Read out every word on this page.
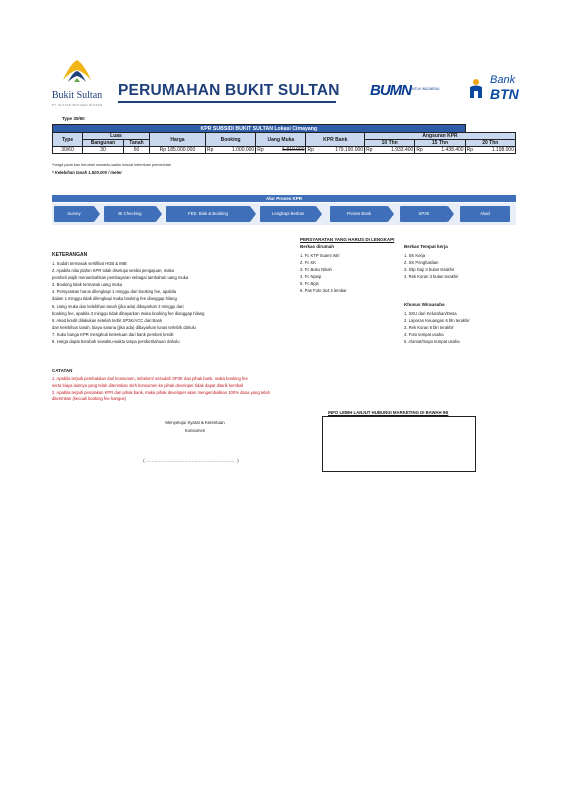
Bukit Sultan
PT. SULTAN MUTIARA SULTAN
PERUMAHAN BUKIT SULTAN BUMN UNTUK INDONESIA
Bank
BTN
Type 30/60
KPR SUBSIDI BUKIT SULTAN Lokasi Cimayang															
Type	Luas		Harga	Booking		Uang Muka		KPR Bank		Angsuran KPR					
	Bangunan	Tanah								10 Thn		15 Thn		20 Thn	
30/60	30	60	Rp 185.000.000	Rp	1.000.000	Rp	5.810.000	Rp	179.190.000	Rp	1.933.400	Rp	1.438.400	Rp	1.198.000
*harga pada bau berubah sewaktu-waktu sesuai ketentuan pemerintah
* Kelebihan tanah 1.500.000 / meter
Alur Proses KPR
Survey	BI Checking	FEE: Biak & Booking	Lengkapi Berkas	Proses Bank	SP3K	Akad
KETERANGAN
1. Sudah termasuk sertifikat HGB & IMB
2. Apabila nilai plafon KPR tidak disetujui sesilai pengajuan, maka
pembeli wajib menambahkan pembayaran sebagai tambahan uang muka
3. Booking tidak termasuk uang muka
4. Persyaratan harus dilengkapi 1 minggu dari booking fee, apabila
dalam 1 minggu tidak dilengkapi maka booking fee dianggap hilang
5. Uang muka dan kelebihan tanah (jika ada) dibayarkan 3 minggu dari
booking fee, apabila 3 minggu tidak dibayarkan maka booking fee dianggap hilang
6. Akad kredit dilakukan setelah terbit SP3K/ACC dari Bank
dan kelebihan tanah, biaya sarana (jika ada) dibayarkan lunas terlebih dahulu
7. Suku bunga KPR mengikuti ketentuan dari bank pemberi kredit
8. Harga dapat berubah sewaktu-waktu tanpa pemberitahuan dahulu
PERSYARATAN YANG HARUS DI LENGKAPI
Berkas dirumah
1. Fc KTP Suami Istri
2. Fc KK
3. Fc Buku Nikah
4. Fc Npwp
5. Fc Bpjs
6. Pas Foto 3x4 2 lembar
Berkas Tempat kerja
1. SK Kerja
2. SK Penghasilan
3. Slip Gaji 3 bulan terakhir
4. Rek Koran 3 bulan terakhir
Khusus Wirausaha
1. SKU dari Kelurahan/Desa
2. Laporan Keuangan 6 bln terakhir
3. Rek Koran 6 bln terakhir
4. Foto tempat usaha
5. Alamat/mapo tempat usaha
CATATAN
1. Apabila terjadi pembatalan dari konsumen, sebelum/ sesudah SP3K dari pihak bank, maka booking fee
serta biaya lainnya yang telah diterimkan oleh konsumen ke pihak developer tidak dapat ditarik kembali
2. Apabila terjadi penolakan KPR dari pihak bank, maka pihak developer akan mengembalikan 100% dana yang telah
diterimkan (kecuali booking fee hangus)
INFO LEBIH LANJUT HUBUNGI MARKETING DI BAWAH INI
Menyetujui Syarat & Ketentuan
Konsumen
( ……………………………………………………… )
